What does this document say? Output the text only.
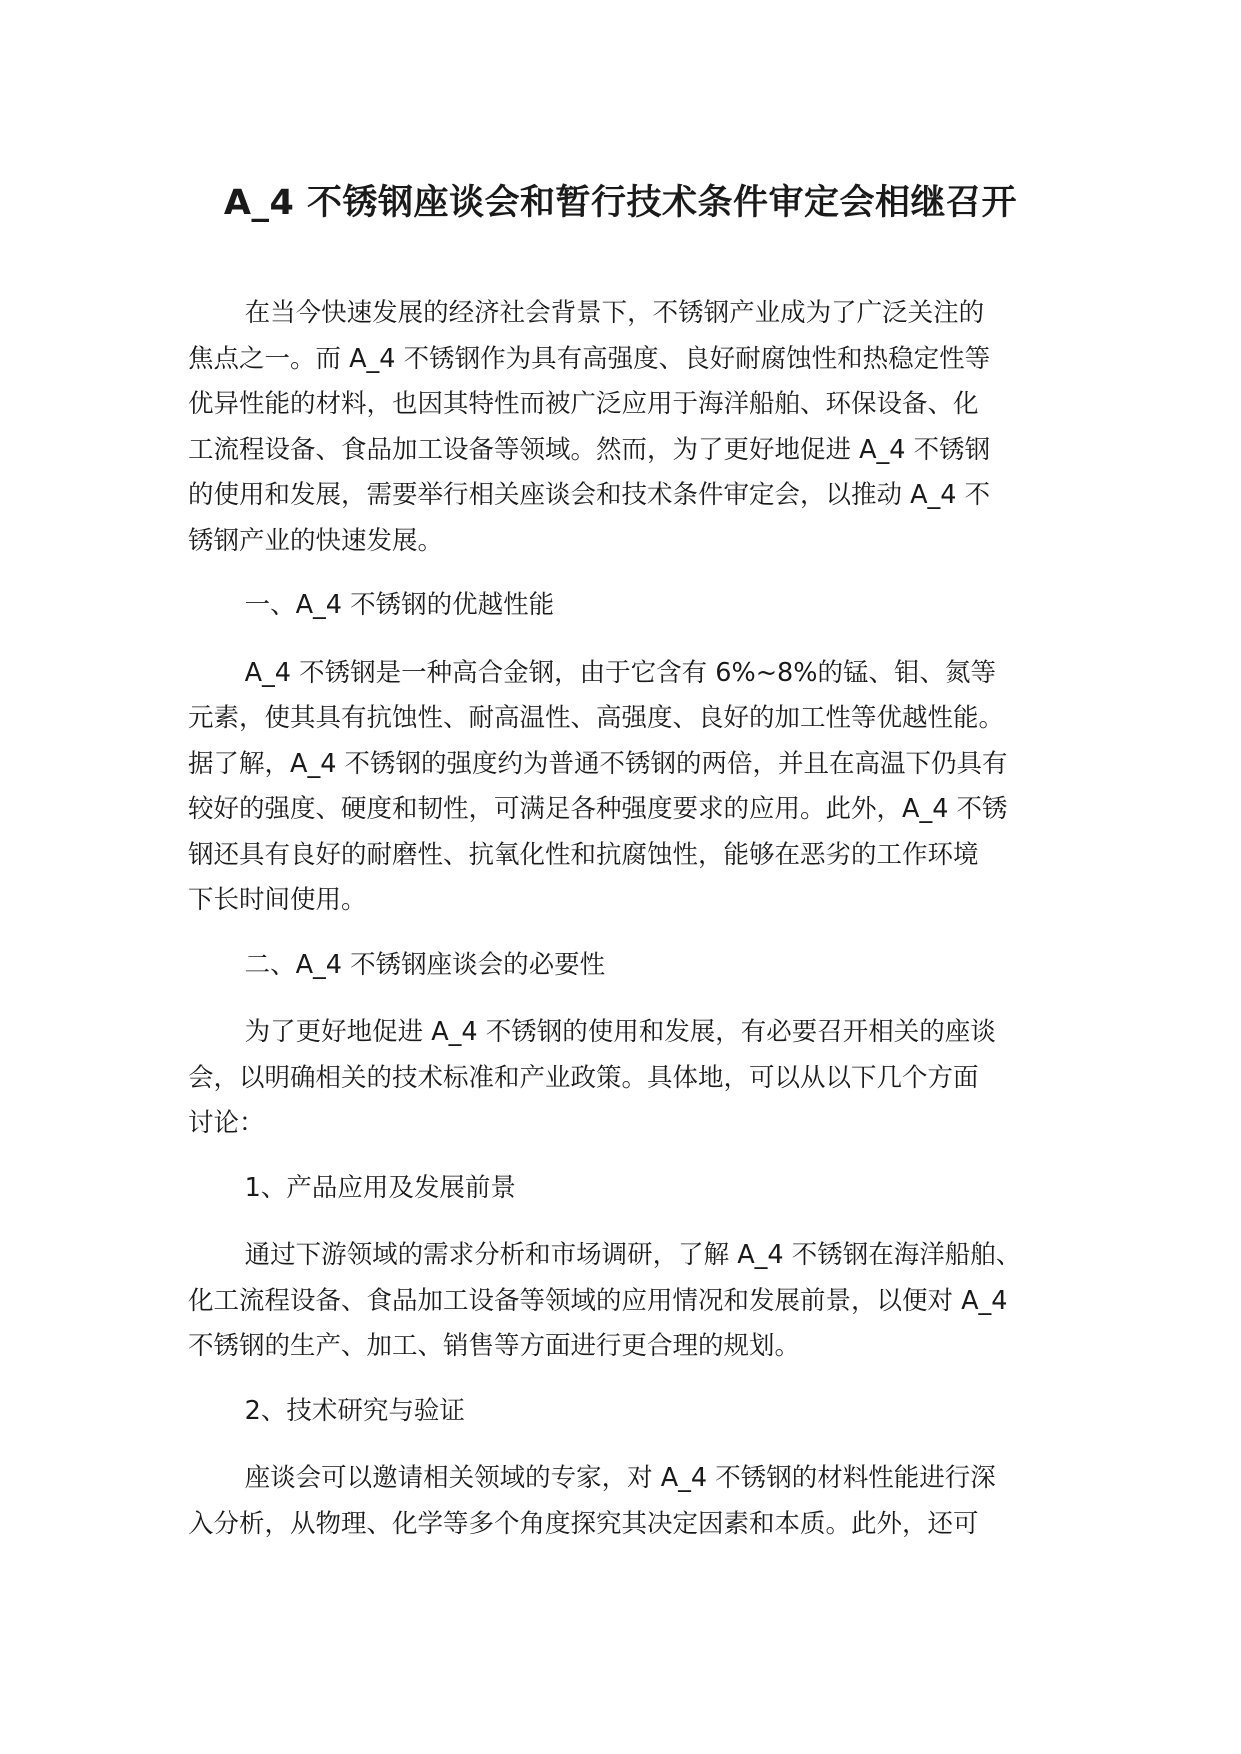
A_4 不锈钢座谈会和暂行技术条件审定会相继召开

在当今快速发展的经济社会背景下，不锈钢产业成为了广泛关注的
焦点之一。而 A_4 不锈钢作为具有高强度、良好耐腐蚀性和热稳定性等
优异性能的材料，也因其特性而被广泛应用于海洋船舶、环保设备、化
工流程设备、食品加工设备等领域。然而，为了更好地促进 A_4 不锈钢
的使用和发展，需要举行相关座谈会和技术条件审定会，以推动 A_4 不
锈钢产业的快速发展。

一、A_4 不锈钢的优越性能

A_4 不锈钢是一种高合金钢，由于它含有 6%~8%的锰、钼、氮等
元素，使其具有抗蚀性、耐高温性、高强度、良好的加工性等优越性能。
据了解，A_4 不锈钢的强度约为普通不锈钢的两倍，并且在高温下仍具有
较好的强度、硬度和韧性，可满足各种强度要求的应用。此外，A_4 不锈
钢还具有良好的耐磨性、抗氧化性和抗腐蚀性，能够在恶劣的工作环境
下长时间使用。

二、A_4 不锈钢座谈会的必要性

为了更好地促进 A_4 不锈钢的使用和发展，有必要召开相关的座谈
会，以明确相关的技术标准和产业政策。具体地，可以从以下几个方面
讨论：

1、产品应用及发展前景

通过下游领域的需求分析和市场调研，了解 A_4 不锈钢在海洋船舶、
化工流程设备、食品加工设备等领域的应用情况和发展前景，以便对 A_4
不锈钢的生产、加工、销售等方面进行更合理的规划。

2、技术研究与验证

座谈会可以邀请相关领域的专家，对 A_4 不锈钢的材料性能进行深
入分析，从物理、化学等多个角度探究其决定因素和本质。此外，还可
